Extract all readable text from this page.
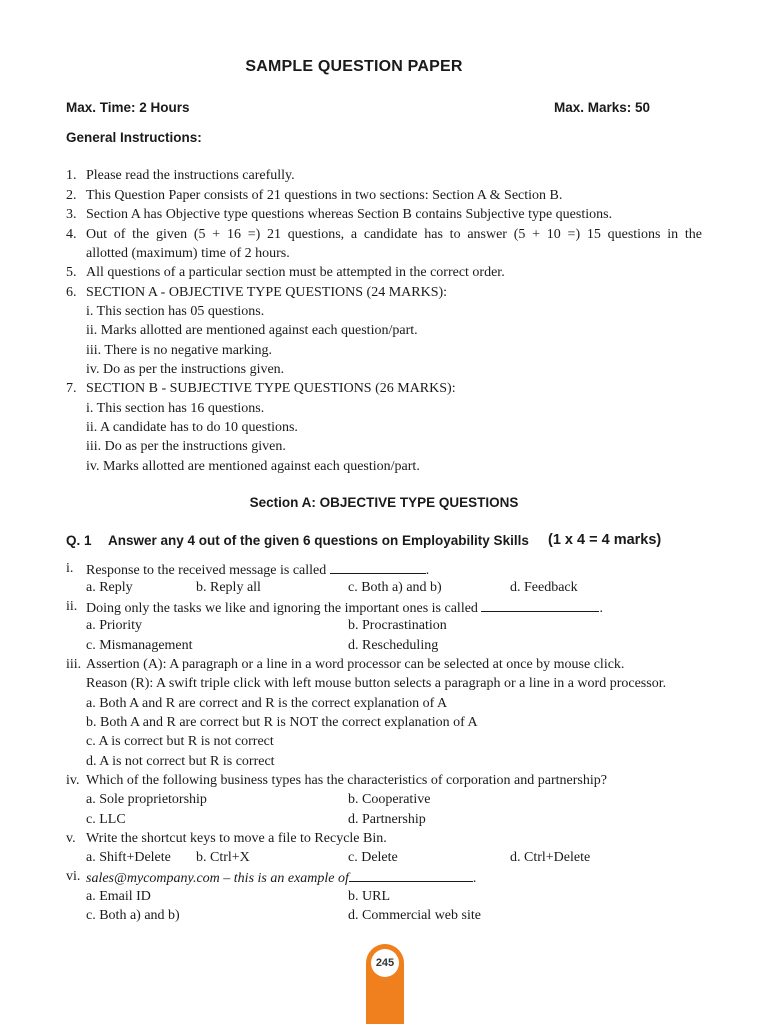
SAMPLE QUESTION PAPER
Max. Time: 2 Hours	Max. Marks: 50
General Instructions:
1. Please read the instructions carefully.
2. This Question Paper consists of 21 questions in two sections: Section A & Section B.
3. Section A has Objective type questions whereas Section B contains Subjective type questions.
4. Out of the given (5 + 16 =) 21 questions, a candidate has to answer (5 + 10 =) 15 questions in the
allotted (maximum) time of 2 hours.
5. All questions of a particular section must be attempted in the correct order.
6. SECTION A - OBJECTIVE TYPE QUESTIONS (24 MARKS):
i. This section has 05 questions.
ii. Marks allotted are mentioned against each question/part.
iii. There is no negative marking.
iv. Do as per the instructions given.
7. SECTION B - SUBJECTIVE TYPE QUESTIONS (26 MARKS):
i. This section has 16 questions.
ii. A candidate has to do 10 questions.
iii. Do as per the instructions given.
iv. Marks allotted are mentioned against each question/part.
Section A: OBJECTIVE TYPE QUESTIONS
Q. 1 Answer any 4 out of the given 6 questions on Employability Skills (1 x 4 = 4 marks)
i. Response to the received message is called	.
a. Reply	b. Reply all	c. Both a) and b)	d. Feedback
ii. Doing only the tasks we like and ignoring the important ones is called	.
a. Priority	b. Procrastination
c. Mismanagement	d. Rescheduling
iii. Assertion (A): A paragraph or a line in a word processor can be selected at once by mouse click.
Reason (R): A swift triple click with left mouse button selects a paragraph or a line in a word processor.
a. Both A and R are correct and R is the correct explanation of A
b. Both A and R are correct but R is NOT the correct explanation of A
c. A is correct but R is not correct
d. A is not correct but R is correct
iv. Which of the following business types has the characteristics of corporation and partnership?
a. Sole proprietorship	b. Cooperative
c. LLC	d. Partnership
v. Write the shortcut keys to move a file to Recycle Bin.
a. Shift+Delete b. Ctrl+X	c. Delete	d. Ctrl+Delete
vi. sales@mycompany.com – this is an example of	.
a. Email ID	b. URL
c. Both a) and b)	d. Commercial web site
245
